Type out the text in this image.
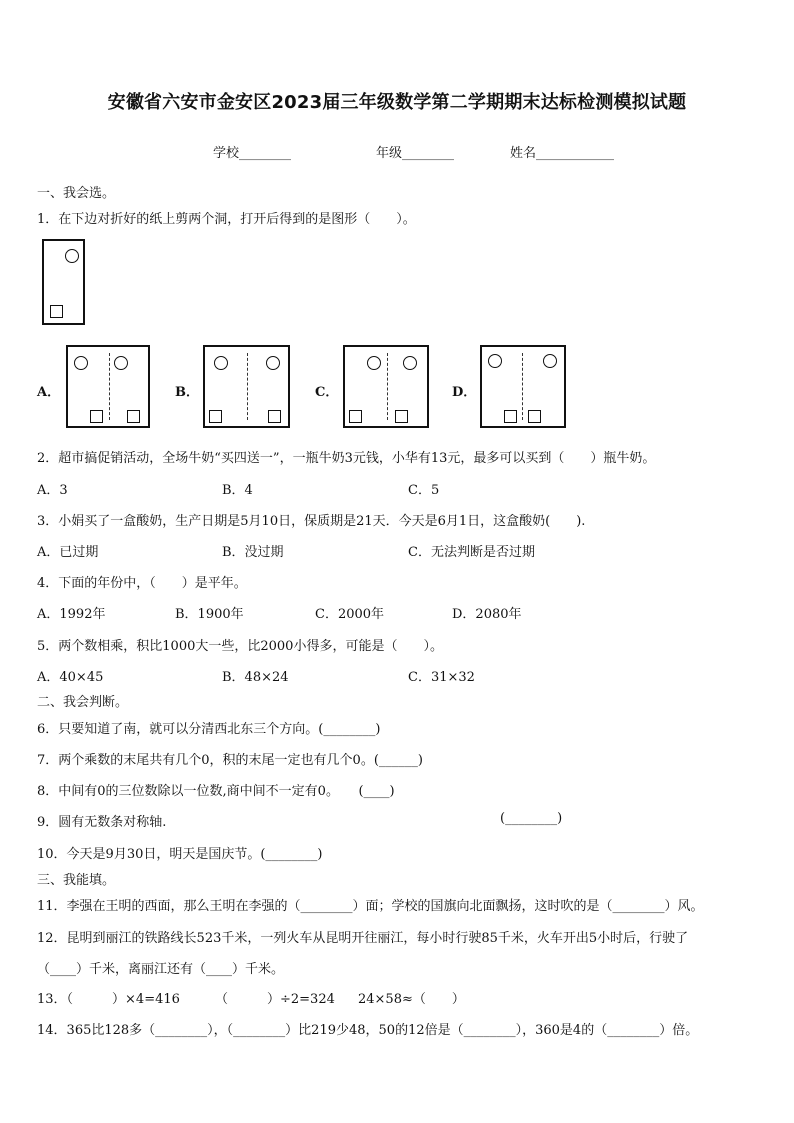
安徽省六安市金安区2023届三年级数学第二学期期末达标检测模拟试题
学校________	年级________	姓名____________
一、我会选。
1．在下边对折好的纸上剪两个洞，打开后得到的是图形（　　）。
A．	B．	C．	D．
2．超市搞促销活动，全场牛奶“买四送一”，一瓶牛奶3元钱，小华有13元，最多可以买到（　　）瓶牛奶。
A．3	B．4	C．5
3．小娟买了一盒酸奶，生产日期是5月10日，保质期是21天．今天是6月1日，这盒酸奶(　　).
A．已过期	B．没过期	C．无法判断是否过期
4．下面的年份中，（　　）是平年。
A．1992年	B．1900年	C．2000年	D．2080年
5．两个数相乘，积比1000大一些，比2000小得多，可能是（　　）。
A．40×45	B．48×24	C．31×32
二、我会判断。
6．只要知道了南，就可以分清西北东三个方向。(________)
7．两个乘数的末尾共有几个0，积的末尾一定也有几个0。(______)
8．中间有0的三位数除以一位数,商中间不一定有0。　　(____)
9．圆有无数条对称轴.	(________)
10．今天是9月30日，明天是国庆节。(________)
三、我能填。
11．李强在王明的西面，那么王明在李强的（________）面；学校的国旗向北面飘扬，这时吹的是（________）风。
12．昆明到丽江的铁路线长523千米，一列火车从昆明开往丽江，每小时行驶85千米，火车开出5小时后，行驶了
（____）千米，离丽江还有（____）千米。
13．（　　　）×4=416	（　　　）÷2=324 24×58≈（　　）
14．365比128多（________），（________）比219少48，50的12倍是（________），360是4的（________）倍。
